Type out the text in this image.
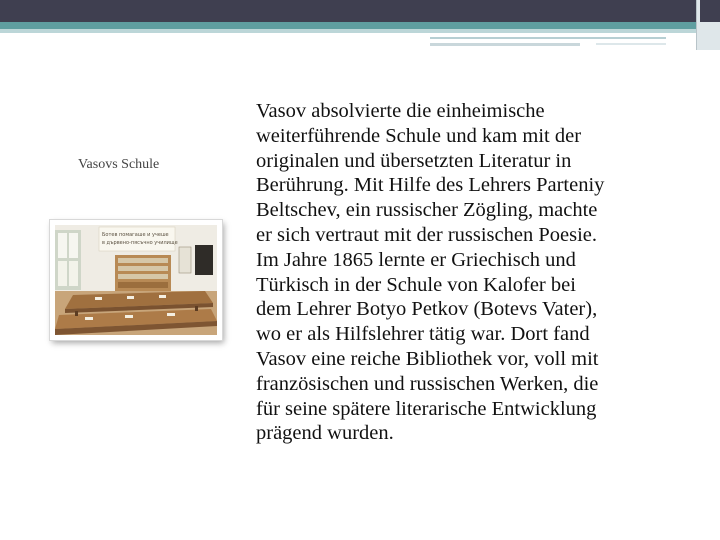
Vasovs Schule
Ботев помагаше и учеше
в дървено-пясъчно училище
Vasov absolvierte die einheimische
weiterführende Schule und kam mit der
originalen und übersetzten Literatur in
Berührung. Mit Hilfe des Lehrers Parteniy
Beltschev, ein russischer Zögling, machte
er sich vertraut mit der russischen Poesie.
Im Jahre 1865 lernte er Griechisch und
Türkisch in der Schule von Kalofer bei
dem Lehrer Botyo Petkov (Botevs Vater),
wo er als Hilfslehrer tätig war. Dort fand
Vasov eine reiche Bibliothek vor, voll mit
französischen und russischen Werken, die
für seine spätere literarische Entwicklung
prägend wurden.
